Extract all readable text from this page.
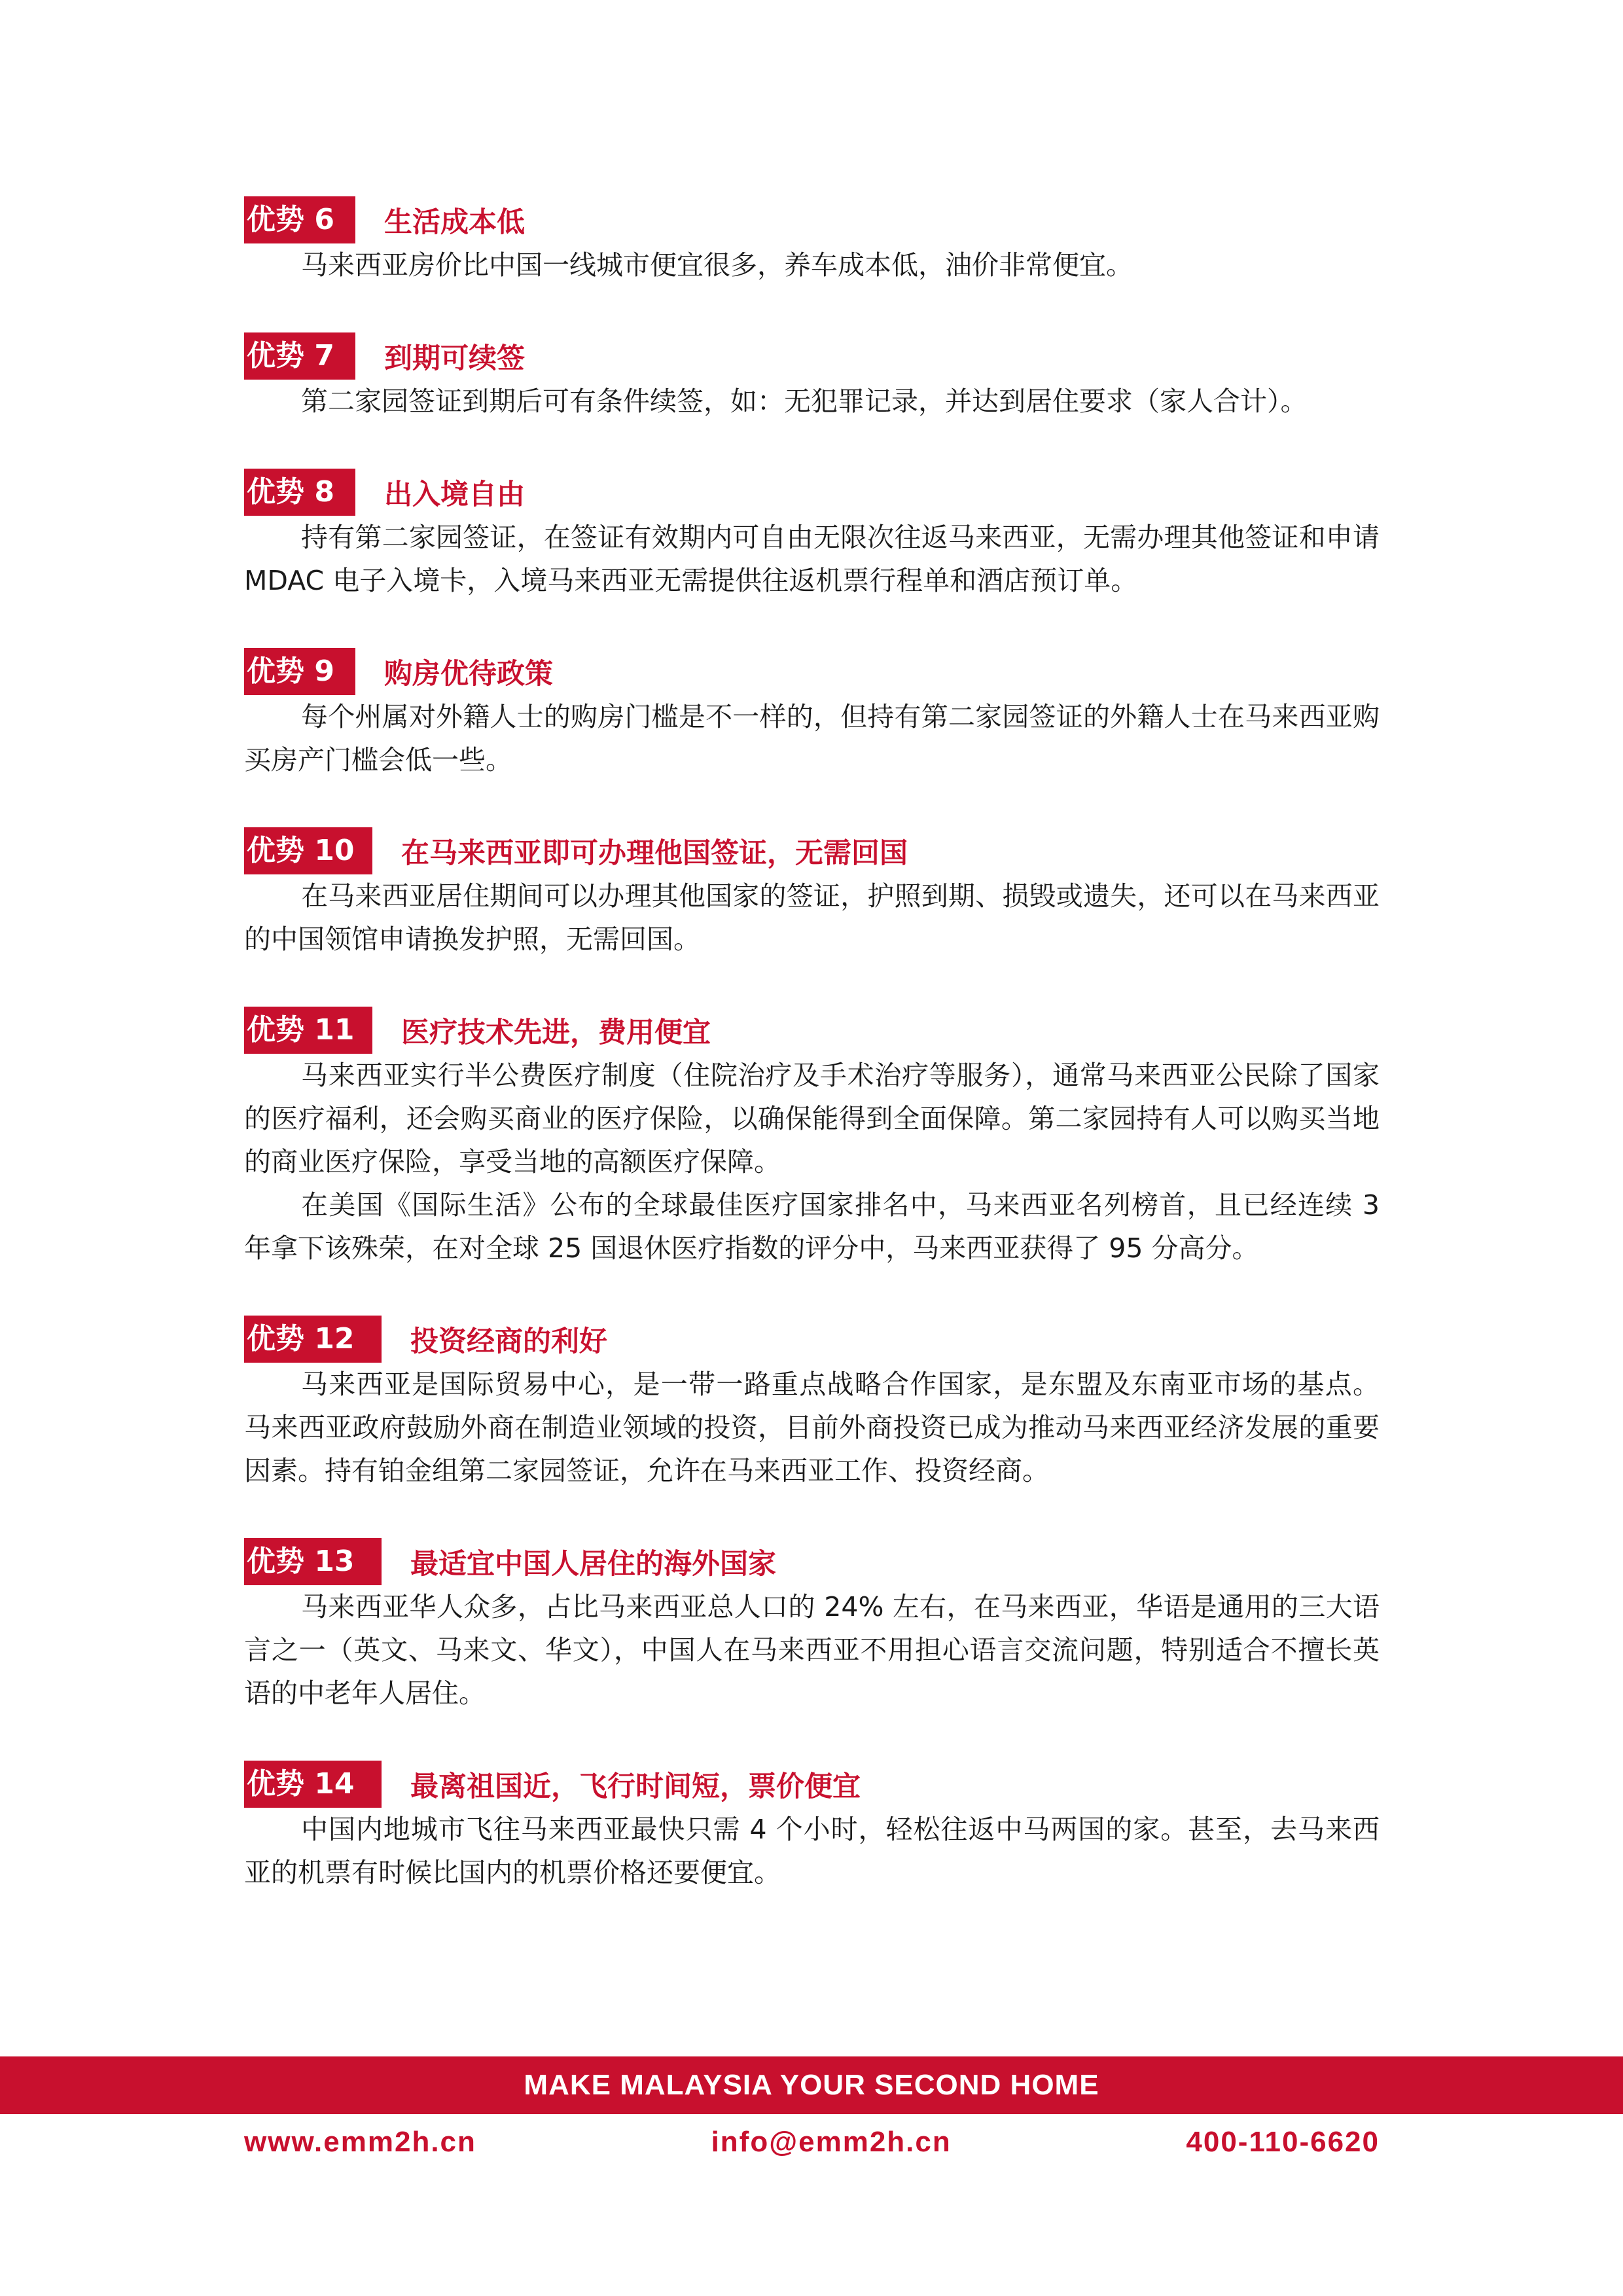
优势 6	生活成本低

马来西亚房价比中国一线城市便宜很多，养车成本低，油价非常便宜。

优势 7	到期可续签

第二家园签证到期后可有条件续签，如：无犯罪记录，并达到居住要求（家人合计）。

优势 8	出入境自由

持有第二家园签证，在签证有效期内可自由无限次往返马来西亚，无需办理其他签证和申请 MDAC 电子入境卡，入境马来西亚无需提供往返机票行程单和酒店预订单。

优势 9	购房优待政策

每个州属对外籍人士的购房门槛是不一样的，但持有第二家园签证的外籍人士在马来西亚购买房产门槛会低一些。

优势 10	在马来西亚即可办理他国签证，无需回国

在马来西亚居住期间可以办理其他国家的签证，护照到期、损毁或遗失，还可以在马来西亚的中国领馆申请换发护照，无需回国。

优势 11	医疗技术先进，费用便宜

马来西亚实行半公费医疗制度（住院治疗及手术治疗等服务），通常马来西亚公民除了国家的医疗福利，还会购买商业的医疗保险，以确保能得到全面保障。第二家园持有人可以购买当地的商业医疗保险，享受当地的高额医疗保障。

在美国《国际生活》公布的全球最佳医疗国家排名中，马来西亚名列榜首，且已经连续 3 年拿下该殊荣，在对全球 25 国退休医疗指数的评分中，马来西亚获得了 95 分高分。

优势 12	投资经商的利好

马来西亚是国际贸易中心，是一带一路重点战略合作国家，是东盟及东南亚市场的基点。 马来西亚政府鼓励外商在制造业领域的投资，目前外商投资已成为推动马来西亚经济发展的重要因素。持有铂金组第二家园签证，允许在马来西亚工作、投资经商。

优势 13	最适宜中国人居住的海外国家

马来西亚华人众多，占比马来西亚总人口的 24% 左右，在马来西亚，华语是通用的三大语言之一（英文、马来文、华文），中国人在马来西亚不用担心语言交流问题，特别适合不擅长英语的中老年人居住。

优势 14	最离祖国近，飞行时间短，票价便宜

中国内地城市飞往马来西亚最快只需 4 个小时，轻松往返中马两国的家。甚至，去马来西亚的机票有时候比国内的机票价格还要便宜。

MAKE MALAYSIA YOUR SECOND HOME
www.emm2h.cn	info@emm2h.cn	400-110-6620
